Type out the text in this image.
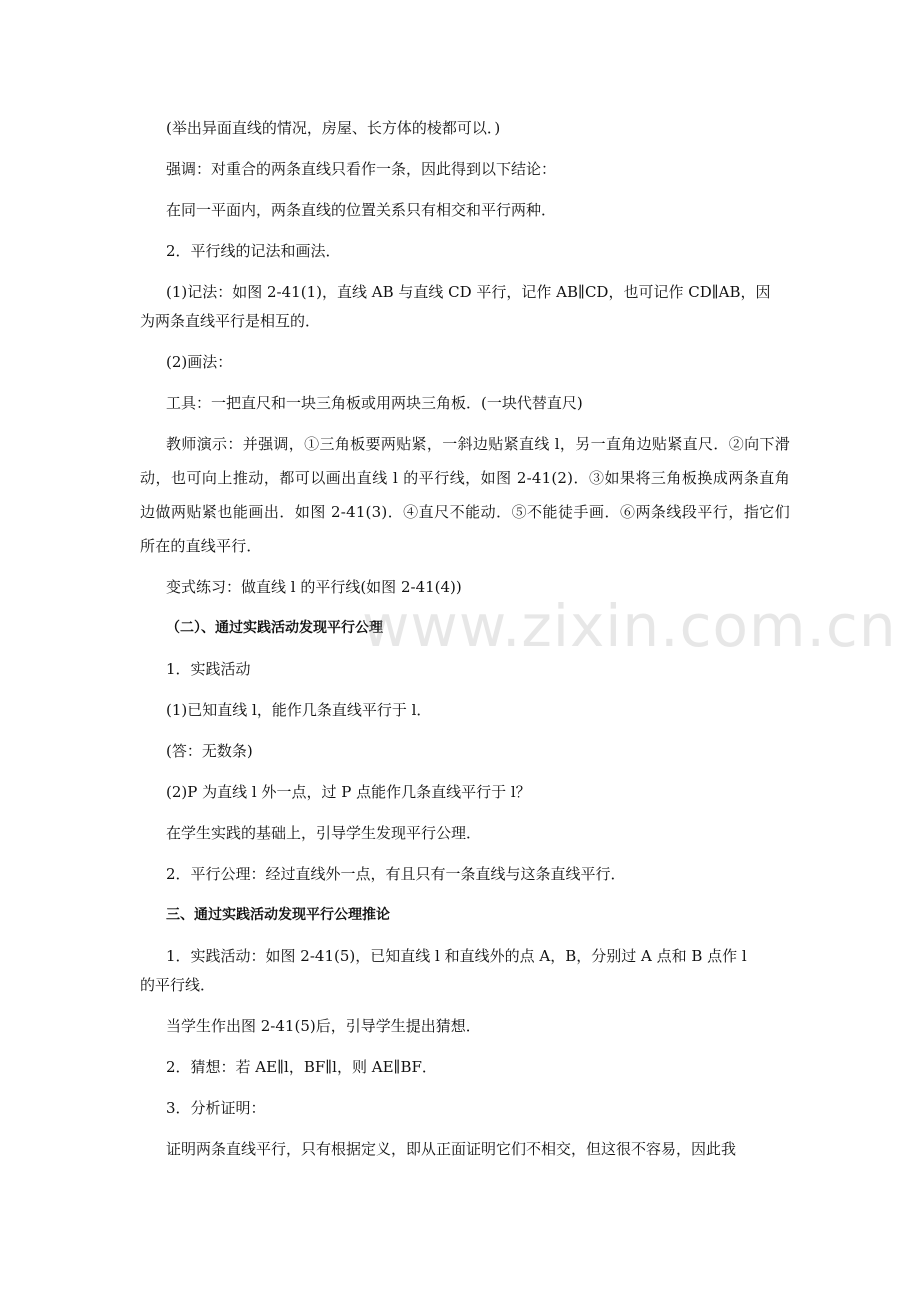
(举出异面直线的情况，房屋、长方体的棱都可以．)

强调：对重合的两条直线只看作一条，因此得到以下结论：

在同一平面内，两条直线的位置关系只有相交和平行两种．

2．平行线的记法和画法．

(1)记法：如图 2-41(1)，直线 AB 与直线 CD 平行，记作 AB∥CD，也可记作 CD∥AB，因

为两条直线平行是相互的．

(2)画法：

工具：一把直尺和一块三角板或用两块三角板．(一块代替直尺)

教师演示：并强调，①三角板要两贴紧，一斜边贴紧直线 l，另一直角边贴紧直尺．②向下滑动，也可向上推动，都可以画出直线 l 的平行线，如图 2-41(2)．③如果将三角板换成两条直角边做两贴紧也能画出．如图 2-41(3)．④直尺不能动．⑤不能徒手画．⑥两条线段平行，指它们所在的直线平行．

变式练习：做直线 l 的平行线(如图 2-41(4))

（二）、通过实践活动发现平行公理

1．实践活动

(1)已知直线 l，能作几条直线平行于 l．

(答：无数条)

(2)P 为直线 l 外一点，过 P 点能作几条直线平行于 l？

在学生实践的基础上，引导学生发现平行公理．

2．平行公理：经过直线外一点，有且只有一条直线与这条直线平行．

三、通过实践活动发现平行公理推论

1．实践活动：如图 2-41(5)，已知直线 l 和直线外的点 A，B，分别过 A 点和 B 点作 l

的平行线．

当学生作出图 2-41(5)后，引导学生提出猜想．

2．猜想：若 AE∥l，BF∥l，则 AE∥BF．

3．分析证明：

证明两条直线平行，只有根据定义，即从正面证明它们不相交，但这很不容易，因此我

www.zixin.com.cn
